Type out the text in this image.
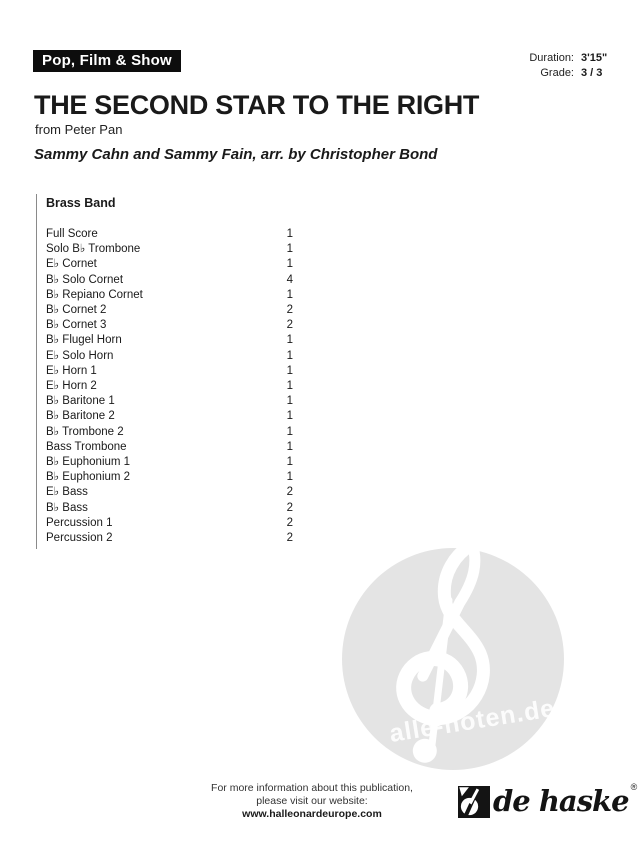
Pop, Film & Show	Duration: 3'15"
Grade: 3 / 3
THE SECOND STAR TO THE RIGHT
from Peter Pan
Sammy Cahn and Sammy Fain, arr. by Christopher Bond
Brass Band
Full Score	1
Solo B♭ Trombone	1
E♭ Cornet	1
B♭ Solo Cornet	4
B♭ Repiano Cornet	1
B♭ Cornet 2	2
B♭ Cornet 3	2
B♭ Flugel Horn	1
E♭ Solo Horn	1
E♭ Horn 1	1
E♭ Horn 2	1
B♭ Baritone 1	1
B♭ Baritone 2	1
B♭ Trombone 2	1
Bass Trombone	1
B♭ Euphonium 1	1
B♭ Euphonium 2	1
E♭ Bass	2
B♭ Bass	2
Percussion 1	2
Percussion 2	2
alle-noten.de
For more information about this publication,
please visit our website:
www.halleonardeurope.com	de haske ®
